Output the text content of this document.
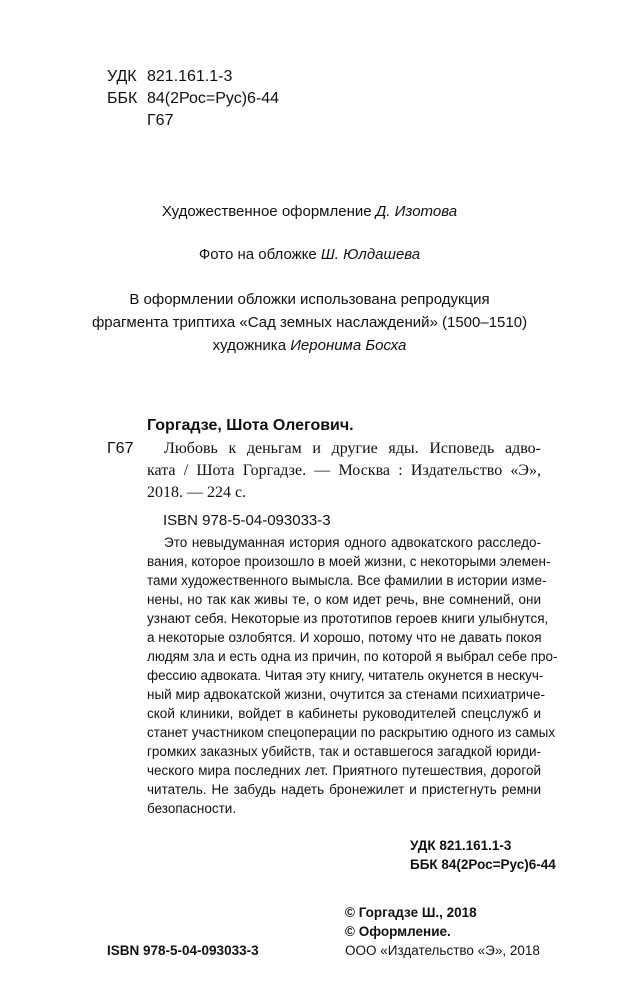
УДК 821.161.1-3
ББК 84(2Рос=Рус)6-44
Г67
Художественное оформление Д. Изотова
Фото на обложке Ш. Юлдашева
В оформлении обложки использована репродукция
фрагмента триптиха «Сад земных наслаждений» (1500–1510)
художника Иеронима Босха
Горгадзе, Шота Олегович.
Г67 Любовь к деньгам и другие яды. Исповедь адво-
ката / Шота Горгадзе. — Москва : Издательство «Э»,
2018. — 224 с.
ISBN 978-5-04-093033-3
Это невыдуманная история одного адвокатского расследо-
вания, которое произошло в моей жизни, с некоторыми элемен-
тами художественного вымысла. Все фамилии в истории изме-
нены, но так как живы те, о ком идет речь, вне сомнений, они
узнают себя. Некоторые из прототипов героев книги улыбнутся,
а некоторые озлобятся. И хорошо, потому что не давать покоя
людям зла и есть одна из причин, по которой я выбрал себе про-
фессию адвоката. Читая эту книгу, читатель окунется в нескуч-
ный мир адвокатской жизни, очутится за стенами психиатриче-
ской клиники, войдет в кабинеты руководителей спецслужб и
станет участником спецоперации по раскрытию одного из самых
громких заказных убийств, так и оставшегося загадкой юриди-
ческого мира последних лет. Приятного путешествия, дорогой
читатель. Не забудь надеть бронежилет и пристегнуть ремни
безопасности.
УДК 821.161.1-3
ББК 84(2Рос=Рус)6-44
© Горгадзе Ш., 2018
© Оформление.
ООО «Издательство «Э», 2018
ISBN 978-5-04-093033-3
